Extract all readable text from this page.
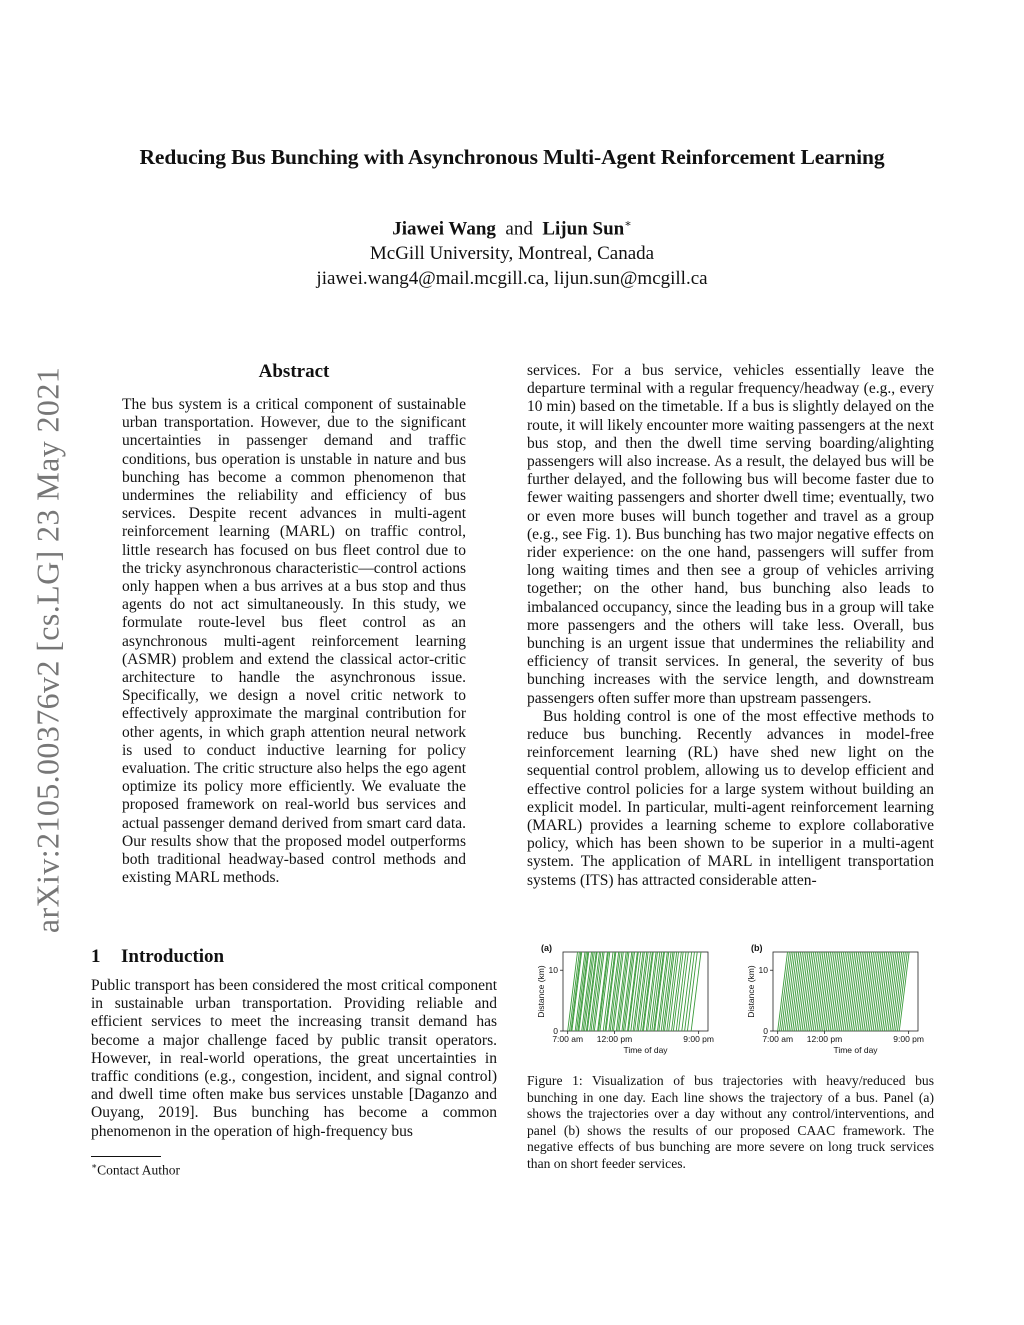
Reducing Bus Bunching with Asynchronous Multi-Agent Reinforcement Learning
Jiawei Wang and Lijun Sun∗
McGill University, Montreal, Canada
jiawei.wang4@mail.mcgill.ca, lijun.sun@mcgill.ca
arXiv:2105.00376v2 [cs.LG] 23 May 2021	Abstract

The bus system is a critical component of sustainable urban transportation. However, due to the significant uncertainties in passenger demand and traffic conditions, bus operation is unstable in nature and bus bunching has become a common phenomenon that undermines the reliability and efficiency of bus services. Despite recent advances in multi-agent reinforcement learning (MARL) on traffic control, little research has focused on bus fleet control due to the tricky asynchronous characteristic—control actions only happen when a bus arrives at a bus stop and thus agents do not act simultaneously. In this study, we formulate route-level bus fleet control as an asynchronous multi-agent reinforcement learning (ASMR) problem and extend the classical actor-critic architecture to handle the asynchronous issue. Specifically, we design a novel critic network to effectively approximate the marginal contribution for other agents, in which graph attention neural network is used to conduct inductive learning for policy evaluation. The critic structure also helps the ego agent optimize its policy more efficiently. We evaluate the proposed framework on real-world bus services and actual passenger demand derived from smart card data. Our results show that the proposed model outperforms both traditional headway-based control methods and existing MARL methods.

1 Introduction

Public transport has been considered the most critical component in sustainable urban transportation. Providing reliable and efficient services to meet the increasing transit demand has become a major challenge faced by public transit operators. However, in real-world operations, the great uncertainties in traffic conditions (e.g., congestion, incident, and signal control) and dwell time often make bus services unstable [Daganzo and Ouyang, 2019]. Bus bunching has become a common phenomenon in the operation of high-frequency bus

∗Contact Author

services. For a bus service, vehicles essentially leave the departure terminal with a regular frequency/headway (e.g., every 10 min) based on the timetable. If a bus is slightly delayed on the route, it will likely encounter more waiting passengers at the next bus stop, and then the dwell time serving boarding/alighting passengers will also increase. As a result, the delayed bus will be further delayed, and the following bus will become faster due to fewer waiting passengers and shorter dwell time; eventually, two or even more buses will bunch together and travel as a group (e.g., see Fig. 1). Bus bunching has two major negative effects on rider experience: on the one hand, passengers will suffer from long waiting times and then see a group of vehicles arriving together; on the other hand, bus bunching also leads to imbalanced occupancy, since the leading bus in a group will take more passengers and the others will take less. Overall, bus bunching is an urgent issue that undermines the reliability and efficiency of transit services. In general, the severity of bus bunching increases with the service length, and downstream passengers often suffer more than upstream passengers.

Bus holding control is one of the most effective methods to reduce bus bunching. Recently advances in model-free reinforcement learning (RL) have shed new light on the sequential control problem, allowing us to develop efficient and effective control policies for a large system without building an explicit model. In particular, multi-agent reinforcement learning (MARL) provides a learning scheme to explore collaborative policy, which has been shown to be superior in a multi-agent system. The application of MARL in intelligent transportation systems (ITS) has attracted considerable atten-

(a)
0
10
7:00 am 12:00 pm	9:00 pm
Time of day
Distance (km)
(b)
0
10
7:00 am 12:00 pm	9:00 pm
Time of day
Distance (km)
Figure 1: Visualization of bus trajectories with heavy/reduced bus bunching in one day. Each line shows the trajectory of a bus. Panel (a) shows the trajectories over a day without any control/interventions, and panel (b) shows the results of our proposed CAAC framework. The negative effects of bus bunching are more severe on long truck services than on short feeder services.
